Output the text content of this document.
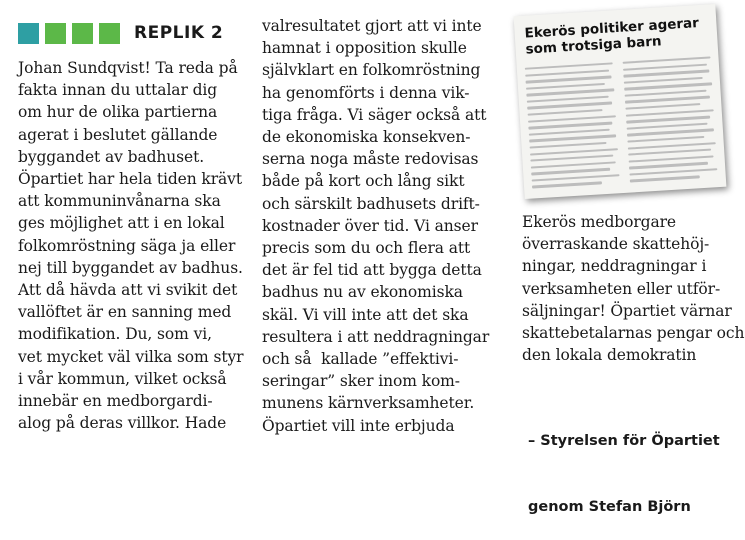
REPLIK 2
Johan Sundqvist! Ta reda på
fakta innan du uttalar dig
om hur de olika partierna
agerat i beslutet gällande
byggandet av badhuset.
Öpartiet har hela tiden krävt
att kommuninvånarna ska
ges möjlighet att i en lokal
folkomröstning säga ja eller
nej till byggandet av badhus.
Att då hävda att vi svikit det
vallöftet är en sanning med
modifikation. Du, som vi,
vet mycket väl vilka som styr
i vår kommun, vilket också
innebär en medborgardi-
alog på deras villkor. Hade
valresultatet gjort att vi inte
hamnat i opposition skulle
självklart en folkomröstning
ha genomförts i denna vik-
tiga fråga. Vi säger också att
de ekonomiska konsekven-
serna noga måste redovisas
både på kort och lång sikt
och särskilt badhusets drift-
kostnader över tid. Vi anser
precis som du och flera att
det är fel tid att bygga detta
badhus nu av ekonomiska
skäl. Vi vill inte att det ska
resultera i att neddragningar
och så  kallade ”effektivi-
seringar” sker inom kom-
munens kärnverksamheter.
Öpartiet vill inte erbjuda
Ekerös politiker agerar
som trotsiga barn
Ekerös medborgare
överraskande skattehöj-
ningar, neddragningar i
verksamheten eller utför-
säljningar! Öpartiet värnar
skattebetalarnas pengar och
den lokala demokratin

– Styrelsen för Öpartiet

genom Stefan Björn
